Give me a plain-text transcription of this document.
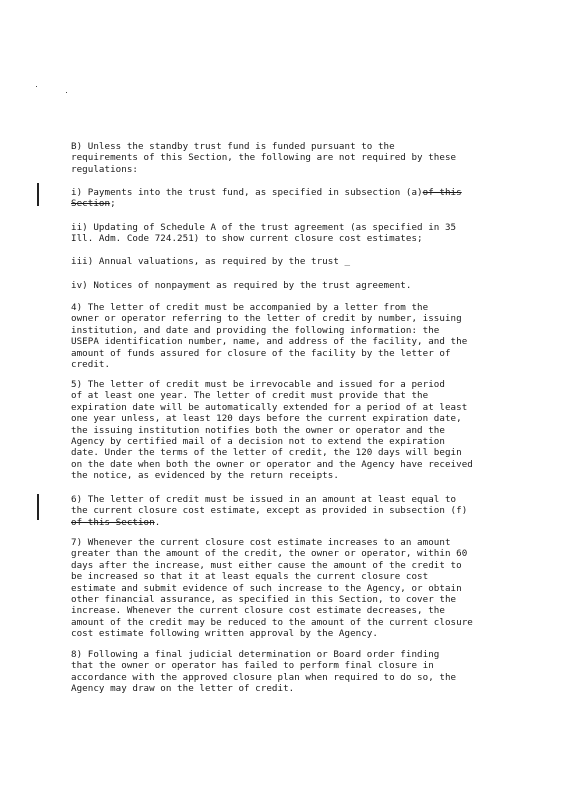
B) Unless the standby trust fund is funded pursuant to the
requirements of this Section, the following are not required by these
regulations:
i) Payments into the trust fund, as specified in subsection (a)of this Section;
ii) Updating of Schedule A of the trust agreement (as specified in 35
Ill. Adm. Code 724.251) to show current closure cost estimates;
iii) Annual valuations, as required by the trust _
iv) Notices of nonpayment as required by the trust agreement.
4) The letter of credit must be accompanied by a letter from the
owner or operator referring to the letter of credit by number, issuing
institution, and date and providing the following information: the
USEPA identification number, name, and address of the facility, and the
amount of funds assured for closure of the facility by the letter of
credit.
5) The letter of credit must be irrevocable and issued for a period
of at least one year. The letter of credit must provide that the
expiration date will be automatically extended for a period of at least
one year unless, at least 120 days before the current expiration date,
the issuing institution notifies both the owner or operator and the
Agency by certified mail of a decision not to extend the expiration
date. Under the terms of the letter of credit, the 120 days will begin
on the date when both the owner or operator and the Agency have received
the notice, as evidenced by the return receipts.
6) The letter of credit must be issued in an amount at least equal to
the current closure cost estimate, except as provided in subsection (f)
of this Section.
7) Whenever the current closure cost estimate increases to an amount
greater than the amount of the credit, the owner or operator, within 60
days after the increase, must either cause the amount of the credit to
be increased so that it at least equals the current closure cost
estimate and submit evidence of such increase to the Agency, or obtain
other financial assurance, as specified in this Section, to cover the
increase. Whenever the current closure cost estimate decreases, the
amount of the credit may be reduced to the amount of the current closure
cost estimate following written approval by the Agency.
8) Following a final judicial determination or Board order finding
that the owner or operator has failed to perform final closure in
accordance with the approved closure plan when required to do so, the
Agency may draw on the letter of credit.
